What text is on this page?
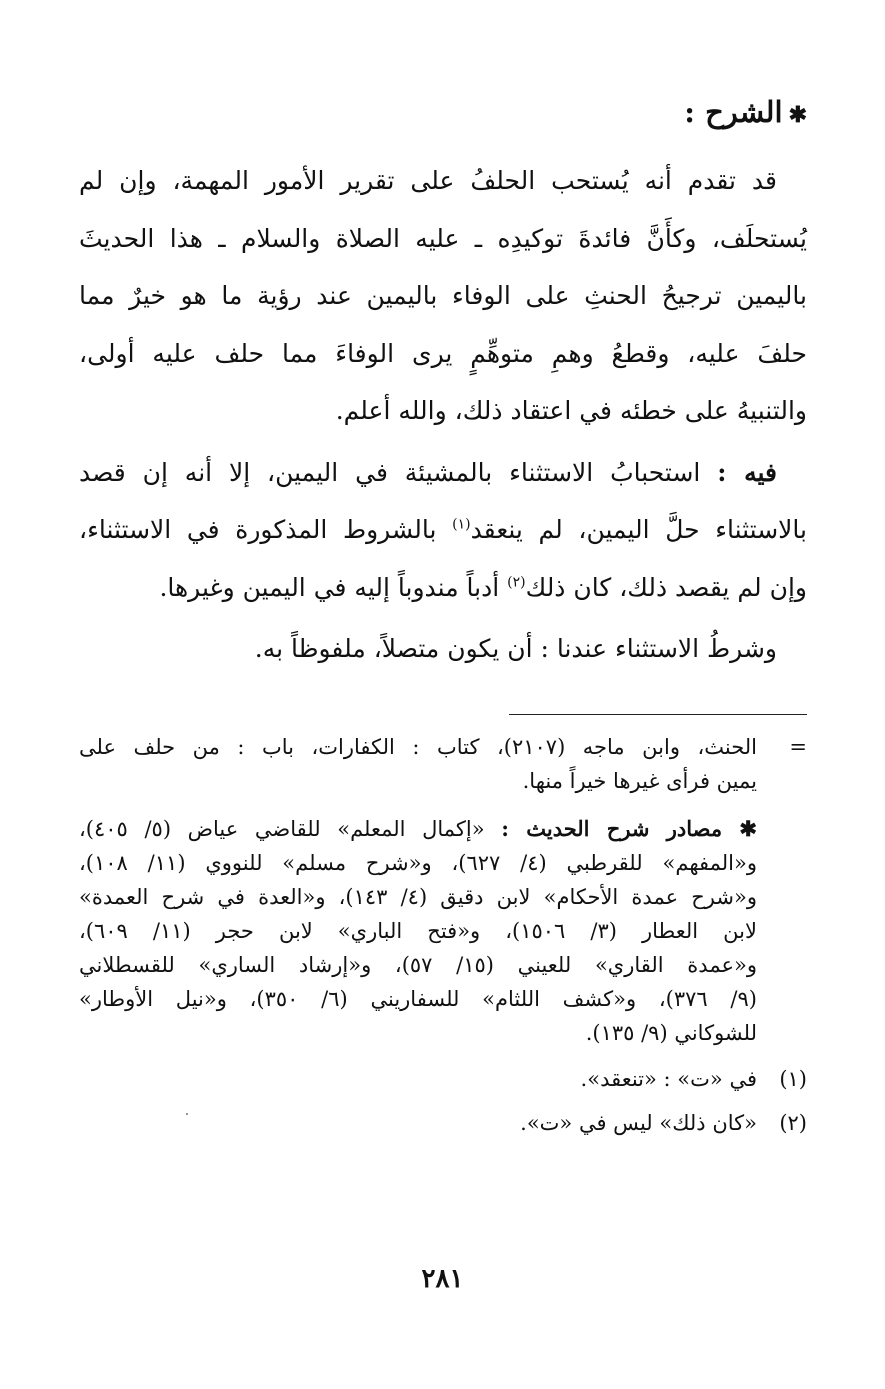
✱الشرح :

قد تقدم أنه يُستحب الحلفُ على تقرير الأمور المهمة، وإن لم
يُستحلَف، وكأَنَّ فائدةَ توكيدِه ـ عليه الصلاة والسلام ـ هذا الحديثَ
باليمين ترجيحُ الحنثِ على الوفاء باليمين عند رؤية ما هو خيرٌ مما
حلفَ عليه، وقطعُ وهمِ متوهِّمٍ يرى الوفاءَ مما حلف عليه أولى،
والتنبيهُ على خطئه في اعتقاد ذلك، والله أعلم.

فيه : استحبابُ الاستثناء بالمشيئة في اليمين، إلا أنه إن قصد
بالاستثناء حلَّ اليمين، لم ينعقد$^{(١)}$ بالشروط المذكورة في الاستثناء،
وإن لم يقصد ذلك، كان ذلك$^{(٢)}$ أدباً مندوباً إليه في اليمين وغيرها.

وشرطُ الاستثناء عندنا : أن يكون متصلاً، ملفوظاً به.

=
الحنث، وابن ماجه (٢١٠٧)، كتاب : الكفارات، باب : من حلف على
يمين فرأى غيرها خيراً منها.
✱ مصادر شرح الحديث : «إكمال المعلم» للقاضي عياض (٥/ ٤٠٥)،
و«المفهم» للقرطبي (٤/ ٦٢٧)، و«شرح مسلم» للنووي (١١/ ١٠٨)،
و«شرح عمدة الأحكام» لابن دقيق (٤/ ١٤٣)، و«العدة في شرح العمدة»
لابن العطار (٣/ ١٥٠٦)، و«فتح الباري» لابن حجر (١١/ ٦٠٩)،
و«عمدة القاري» للعيني (١٥/ ٥٧)، و«إرشاد الساري» للقسطلاني
(٩/ ٣٧٦)، و«كشف اللثام» للسفاريني (٦/ ٣٥٠)، و«نيل الأوطار»
للشوكاني (٩/ ١٣٥).
(١)
في «ت» : «تنعقد».
(٢)
«كان ذلك» ليس في «ت».
٢٨١
